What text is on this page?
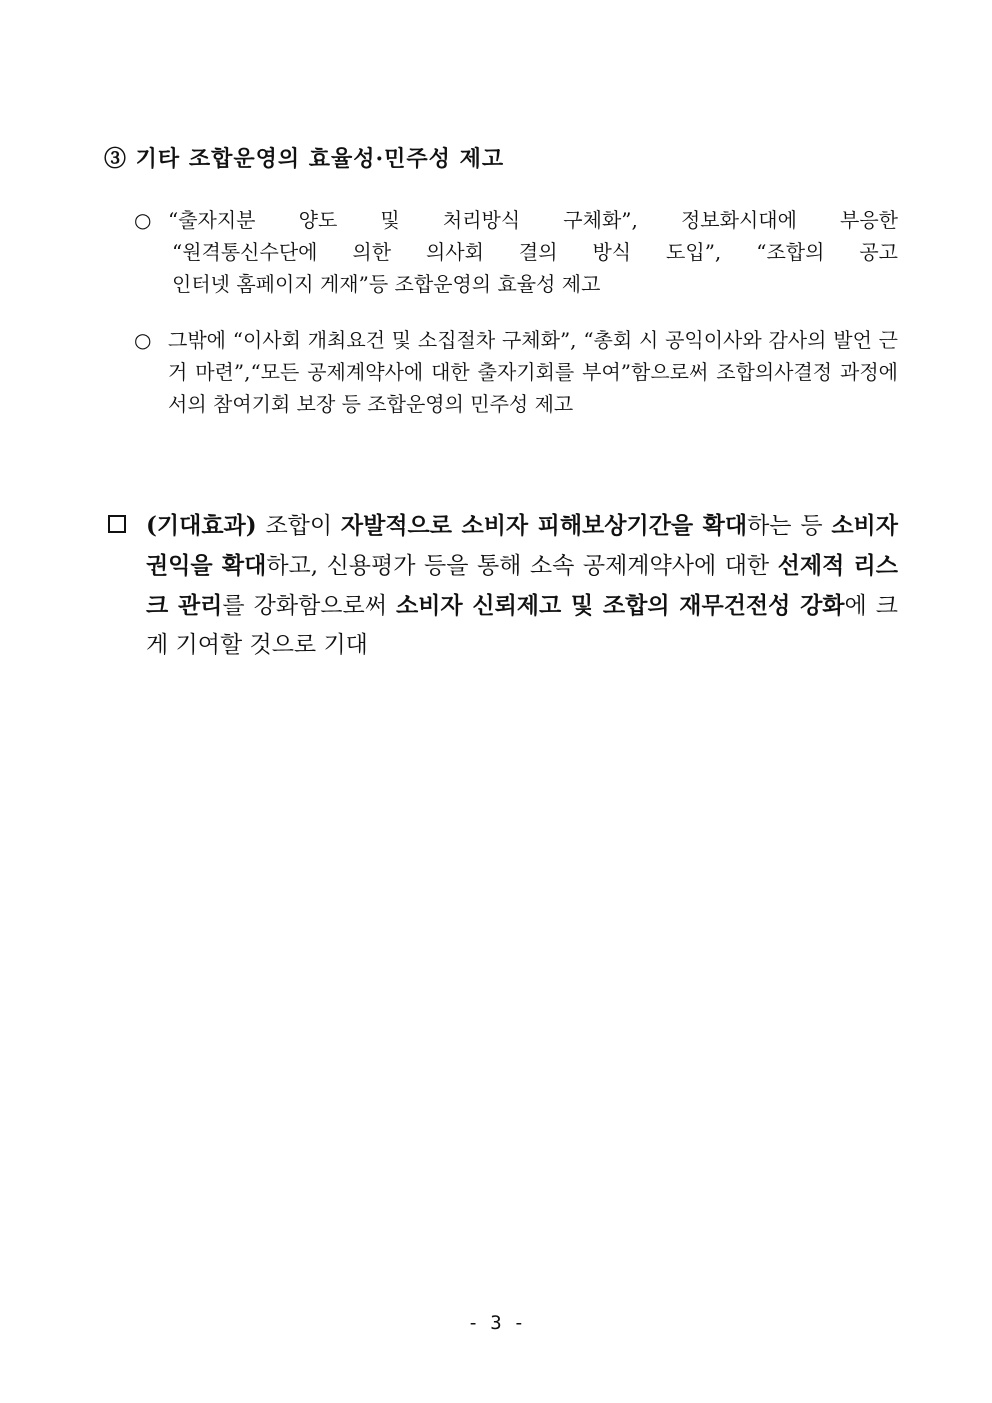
③ 기타 조합운영의 효율성·민주성 제고
○ “출자지분 양도 및 처리방식 구체화”, 정보화시대에 부응한
“원격통신수단에 의한 의사회 결의 방식 도입”, “조합의 공고
인터넷 홈페이지 게재”등 조합운영의 효율성 제고
○ 그밖에 “이사회 개최요건 및 소집절차 구체화”, “총회 시 공익이사와 감사의 발언 근거 마련”,“모든 공제계약사에 대한 출자기회를 부여”함으로써 조합의사결정 과정에서의 참여기회 보장 등 조합운영의 민주성 제고
(기대효과) 조합이 자발적으로 소비자 피해보상기간을 확대하는 등 소비자 권익을 확대하고, 신용평가 등을 통해 소속 공제계약사에 대한 선제적 리스크 관리를 강화함으로써 소비자 신뢰제고 및 조합의 재무건전성 강화에 크게 기여할 것으로 기대
- 3 -
